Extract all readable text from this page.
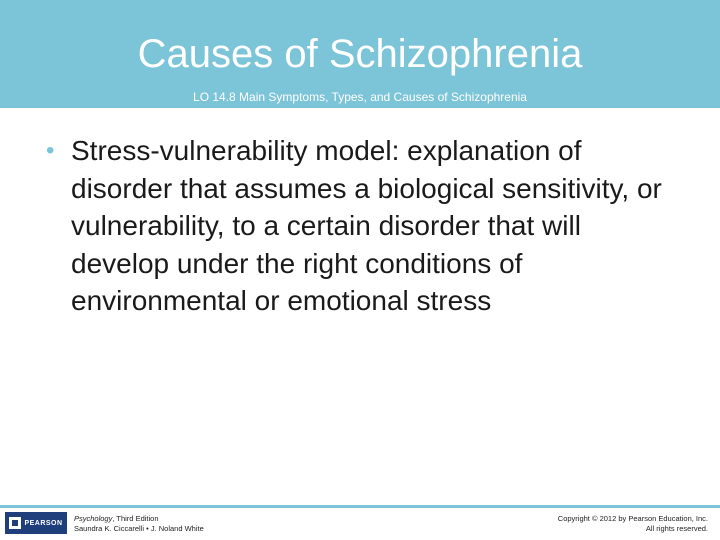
Causes of Schizophrenia
LO 14.8 Main Symptoms, Types, and Causes of Schizophrenia
• Stress-vulnerability model: explanation of disorder that assumes a biological sensitivity, or vulnerability, to a certain disorder that will develop under the right conditions of environmental or emotional stress
PEARSON Psychology, Third Edition
Saundra K. Ciccarelli • J. Noland White
Copyright © 2012 by Pearson Education, Inc.
All rights reserved.
